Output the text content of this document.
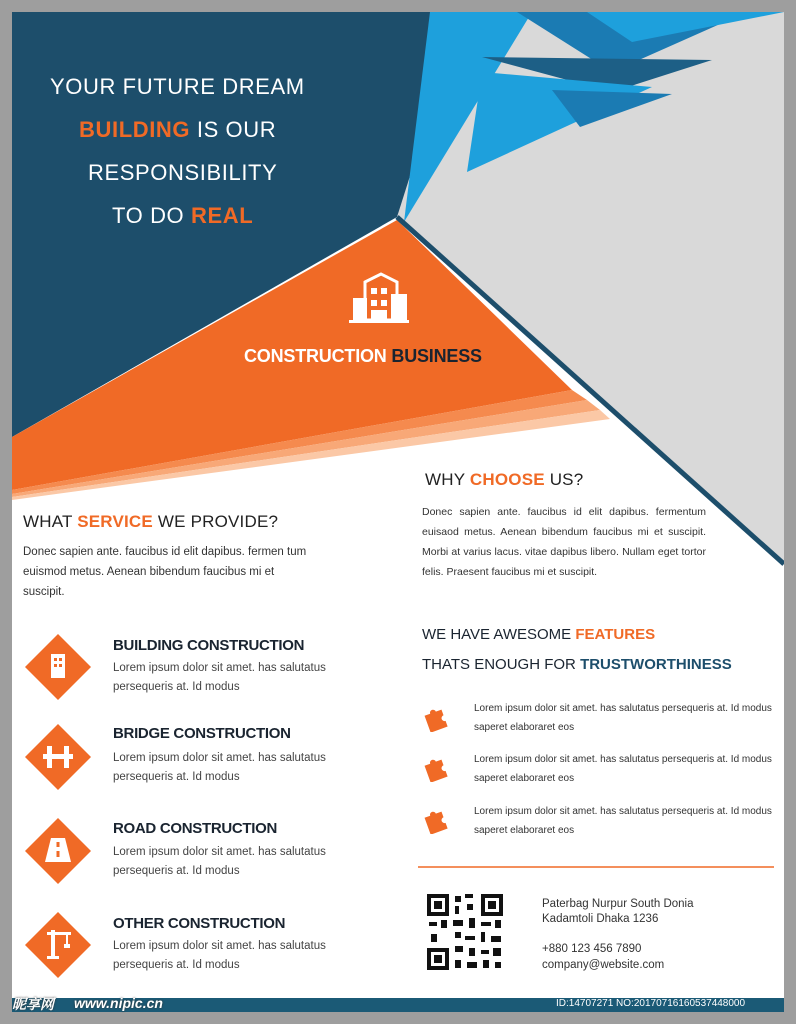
YOUR FUTURE DREAM
BUILDING IS OUR
RESPONSIBILITY
TO DO REAL
CONSTRUCTION BUSINESS
WHAT SERVICE WE PROVIDE?
Donec sapien ante. faucibus id elit dapibus. fermen tum euismod metus. Aenean bibendum faucibus mi et suscipit.
BUILDING CONSTRUCTION
Lorem ipsum dolor sit amet. has salutatus persequeris at. Id modus
BRIDGE CONSTRUCTION
Lorem ipsum dolor sit amet. has salutatus persequeris at. Id modus
ROAD CONSTRUCTION
Lorem ipsum dolor sit amet. has salutatus persequeris at. Id modus
OTHER CONSTRUCTION
Lorem ipsum dolor sit amet. has salutatus persequeris at. Id modus
WHY CHOOSE US?
Donec sapien ante. faucibus id elit dapibus. fermentum euisaod metus. Aenean bibendum faucibus mi et suscipit. Morbi at varius lacus. vitae dapibus libero. Nullam eget tortor felis. Praesent faucibus mi et suscipit.
WE HAVE AWESOME FEATURES
THATS ENOUGH FOR TRUSTWORTHINESS
Lorem ipsum dolor sit amet. has salutatus persequeris at. Id modus saperet elaboraret eos
Lorem ipsum dolor sit amet. has salutatus persequeris at. Id modus saperet elaboraret eos
Lorem ipsum dolor sit amet. has salutatus persequeris at. Id modus saperet elaboraret eos
Paterbag Nurpur South Donia
Kadamtoli Dhaka 1236
+880 123 456 7890
company@website.com
昵享网 www.nipic.cn	ID:14707271 NO:20170716160537448000
